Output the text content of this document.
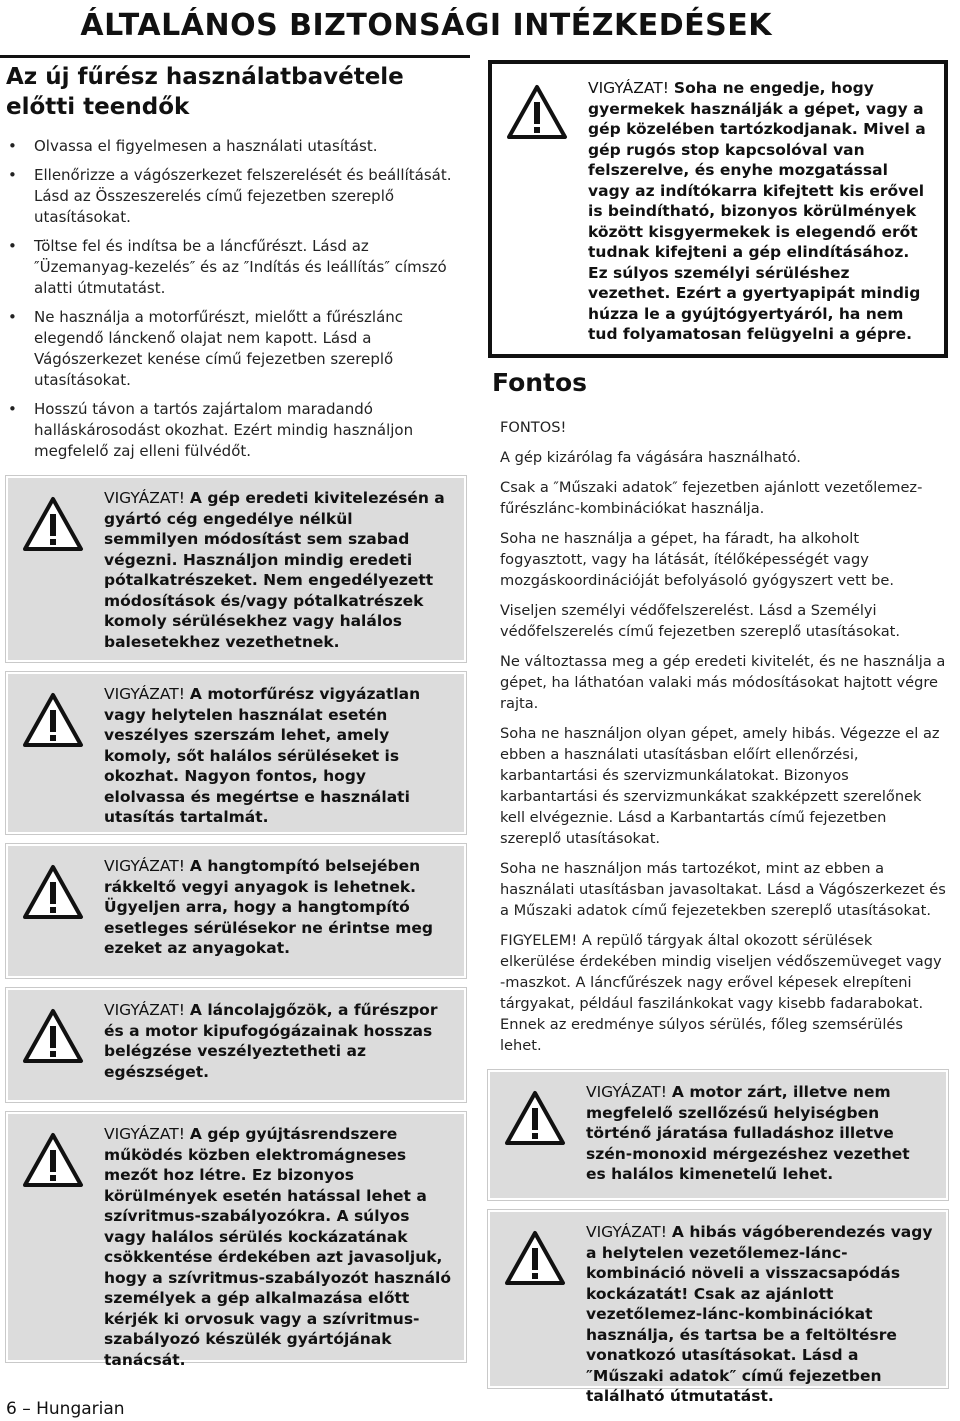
ÁLTALÁNOS BIZTONSÁGI INTÉZKEDÉSEK
Az új fűrész használatbavétele
előtti teendők
• Olvassa el figyelmesen a használati utasítást.
• Ellenőrizze a vágószerkezet felszerelését és beállítását. Lásd az Összeszerelés című fejezetben szereplő utasításokat.
• Töltse fel és indítsa be a láncfűrészt. Lásd az ″Üzemanyag-kezelés″ és az ″Indítás és leállítás″ címszó alatti útmutatást.
• Ne használja a motorfűrészt, mielőtt a fűrészlánc elegendő lánckenő olajat nem kapott. Lásd a Vágószerkezet kenése című fejezetben szereplő utasításokat.
• Hosszú távon a tartós zajártalom maradandó halláskárosodást okozhat. Ezért mindig használjon megfelelő zaj elleni fülvédőt.
VIGYÁZAT! A gép eredeti kivitelezésén a gyártó cég engedélye nélkül semmilyen módosítást sem szabad végezni. Használjon mindig eredeti pótalkatrészeket. Nem engedélyezett módosítások és/vagy pótalkatrészek komoly sérülésekhez vagy halálos balesetekhez vezethetnek.
VIGYÁZAT! A motorfűrész vigyázatlan vagy helytelen használat esetén veszélyes szerszám lehet, amely komoly, sőt halálos sérüléseket is okozhat. Nagyon fontos, hogy elolvassa és megértse e használati utasítás tartalmát.
VIGYÁZAT! A hangtompító belsejében rákkeltő vegyi anyagok is lehetnek. Ügyeljen arra, hogy a hangtompító esetleges sérülésekor ne érintse meg ezeket az anyagokat.
VIGYÁZAT! A láncolajgőzök, a fűrészpor és a motor kipufogógázainak hosszas belégzése veszélyeztetheti az egészséget.
VIGYÁZAT! A gép gyújtásrendszere működés közben elektromágneses mezőt hoz létre. Ez bizonyos körülmények esetén hatással lehet a szívritmus-szabályozókra. A súlyos vagy halálos sérülés kockázatának csökkentése érdekében azt javasoljuk, hogy a szívritmus-szabályozót használó személyek a gép alkalmazása előtt kérjék ki orvosuk vagy a szívritmus-szabályozó készülék gyártójának tanácsát.
VIGYÁZAT! Soha ne engedje, hogy gyermekek használják a gépet, vagy a gép közelében tartózkodjanak. Mivel a gép rugós stop kapcsolóval van felszerelve, és enyhe mozgatással vagy az indítókarra kifejtett kis erővel is beindítható, bizonyos körülmények között kisgyermekek is elegendő erőt tudnak kifejteni a gép elindításához. Ez súlyos személyi sérüléshez vezethet. Ezért a gyertyapipát mindig húzza le a gyújtógyertyáról, ha nem tud folyamatosan felügyelni a gépre.
Fontos

FONTOS!

A gép kizárólag fa vágására használható.

Csak a ″Műszaki adatok″ fejezetben ajánlott vezetőlemez-fűrészlánc-kombinációkat használja.

Soha ne használja a gépet, ha fáradt, ha alkoholt fogyasztott, vagy ha látását, ítélőképességét vagy mozgáskoordinációját befolyásoló gyógyszert vett be.

Viseljen személyi védőfelszerelést. Lásd a Személyi védőfelszerelés című fejezetben szereplő utasításokat.

Ne változtassa meg a gép eredeti kivitelét, és ne használja a gépet, ha láthatóan valaki más módosításokat hajtott végre rajta.

Soha ne használjon olyan gépet, amely hibás. Végezze el az ebben a használati utasításban előírt ellenőrzési, karbantartási és szervizmunkálatokat. Bizonyos karbantartási és szervizmunkákat szakképzett szerelőnek kell elvégeznie. Lásd a Karbantartás című fejezetben szereplő utasításokat.

Soha ne használjon más tartozékot, mint az ebben a használati utasításban javasoltakat. Lásd a Vágószerkezet és a Műszaki adatok című fejezetekben szereplő utasításokat.

FIGYELEM! A repülő tárgyak által okozott sérülések elkerülése érdekében mindig viseljen védőszemüveget vagy -maszkot. A láncfűrészek nagy erővel képesek elrepíteni tárgyakat, például faszilánkokat vagy kisebb fadarabokat. Ennek az eredménye súlyos sérülés, főleg szemsérülés lehet.

VIGYÁZAT! A motor zárt, illetve nem megfelelő szellőzésű helyiségben történő járatása fulladáshoz illetve szén-monoxid mérgezéshez vezethet es halálos kimenetelű lehet.
VIGYÁZAT! A hibás vágóberendezés vagy a helytelen vezetőlemez-lánc-kombináció növeli a visszacsapódás kockázatát! Csak az ajánlott vezetőlemez-lánc-kombinációkat használja, és tartsa be a feltöltésre vonatkozó utasításokat. Lásd a ″Műszaki adatok″ című fejezetben található útmutatást.
6 – Hungarian
